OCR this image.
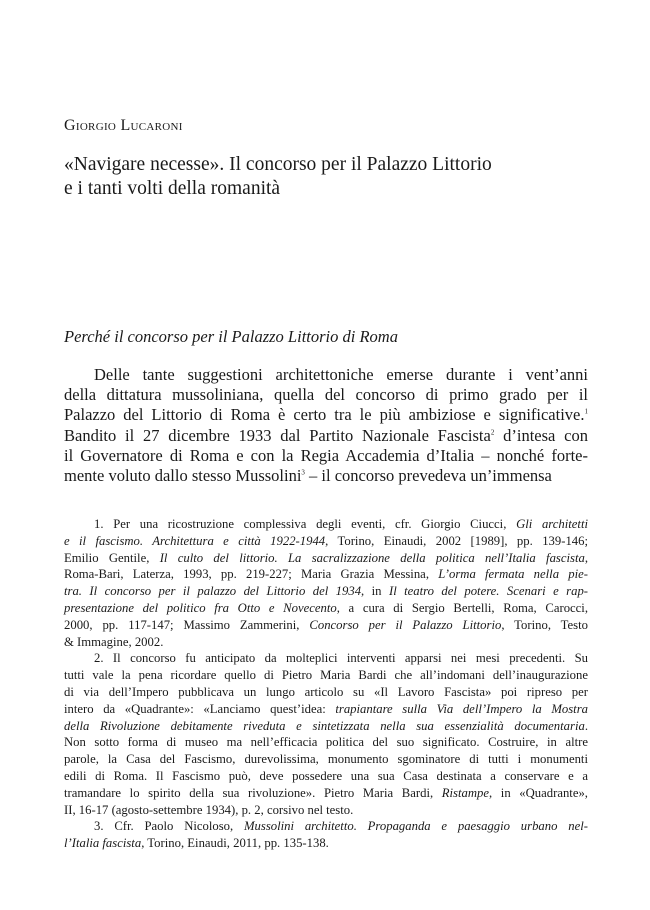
Giorgio Lucaroni
«Navigare necesse». Il concorso per il Palazzo Littorio
e i tanti volti della romanità
Perché il concorso per il Palazzo Littorio di Roma
Delle tante suggestioni architettoniche emerse durante i vent’anni
della dittatura mussoliniana, quella del concorso di primo grado per il
Palazzo del Littorio di Roma è certo tra le più ambiziose e significative.$^1$
Bandito il 27 dicembre 1933 dal Partito Nazionale Fascista$^2$ d’intesa con
il Governatore di Roma e con la Regia Accademia d’Italia – nonché forte-
mente voluto dallo stesso Mussolini$^3$ – il concorso prevedeva un’immensa
1. Per una ricostruzione complessiva degli eventi, cfr. Giorgio Ciucci, Gli architetti
e il fascismo. Architettura e città 1922-1944, Torino, Einaudi, 2002 [1989], pp. 139-146;
Emilio Gentile, Il culto del littorio. La sacralizzazione della politica nell’Italia fascista,
Roma-Bari, Laterza, 1993, pp. 219-227; Maria Grazia Messina, L’orma fermata nella pie-
tra. Il concorso per il palazzo del Littorio del 1934, in Il teatro del potere. Scenari e rap-
presentazione del politico fra Otto e Novecento, a cura di Sergio Bertelli, Roma, Carocci,
2000, pp. 117-147; Massimo Zammerini, Concorso per il Palazzo Littorio, Torino, Testo
& Immagine, 2002.
2. Il concorso fu anticipato da molteplici interventi apparsi nei mesi precedenti. Su
tutti vale la pena ricordare quello di Pietro Maria Bardi che all’indomani dell’inaugurazione
di via dell’Impero pubblicava un lungo articolo su «Il Lavoro Fascista» poi ripreso per
intero da «Quadrante»: «Lanciamo quest’idea: trapiantare sulla Via dell’Impero la Mostra
della Rivoluzione debitamente riveduta e sintetizzata nella sua essenzialità documentaria.
Non sotto forma di museo ma nell’efficacia politica del suo significato. Costruire, in altre
parole, la Casa del Fascismo, durevolissima, monumento sgominatore di tutti i monumenti
edili di Roma. Il Fascismo può, deve possedere una sua Casa destinata a conservare e a
tramandare lo spirito della sua rivoluzione». Pietro Maria Bardi, Ristampe, in «Quadrante»,
II, 16-17 (agosto-settembre 1934), p. 2, corsivo nel testo.
3. Cfr. Paolo Nicoloso, Mussolini architetto. Propaganda e paesaggio urbano nel-
l’Italia fascista, Torino, Einaudi, 2011, pp. 135-138.
